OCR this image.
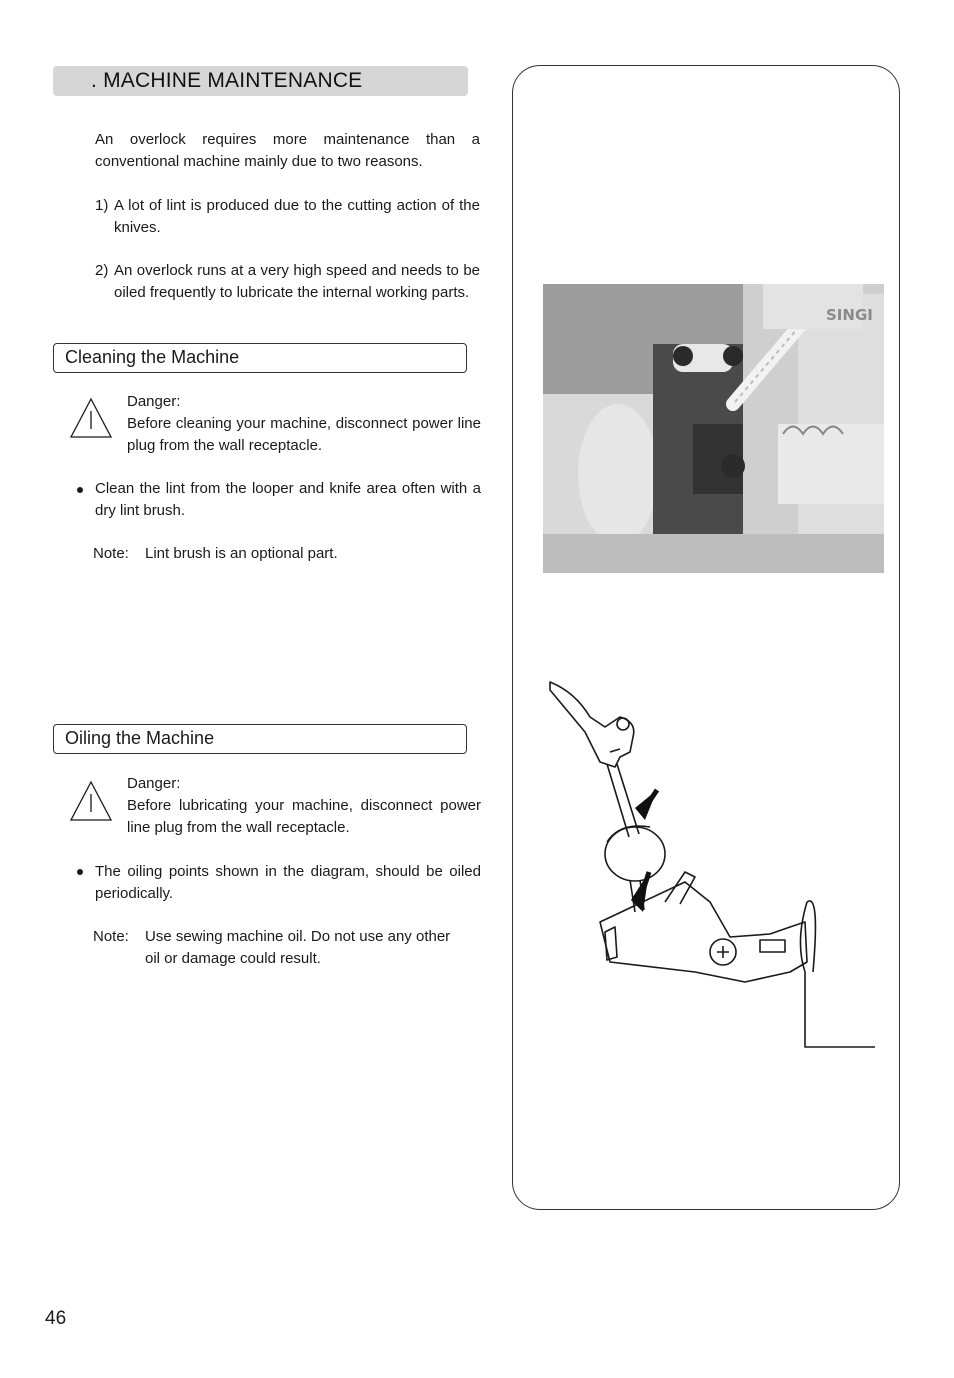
. MACHINE MAINTENANCE
An overlock requires more maintenance than a conventional machine mainly due to two reasons.
1) A lot of lint is produced due to the cutting action of the knives.
2) An overlock runs at a very high speed and needs to be oiled frequently to lubricate the internal working parts.
Cleaning the Machine
Danger:
Before cleaning your machine, disconnect power line plug from the wall receptacle.
Clean the lint from the looper and knife area often with a dry lint brush.
Note:	Lint brush is an optional part.
Oiling the Machine
Danger:
Before lubricating your machine, disconnect power line plug from the wall receptacle.
The oiling points shown in the diagram, should be oiled periodically.
Note:	Use sewing machine oil. Do not use any other oil or damage could result.
SINGI
46
